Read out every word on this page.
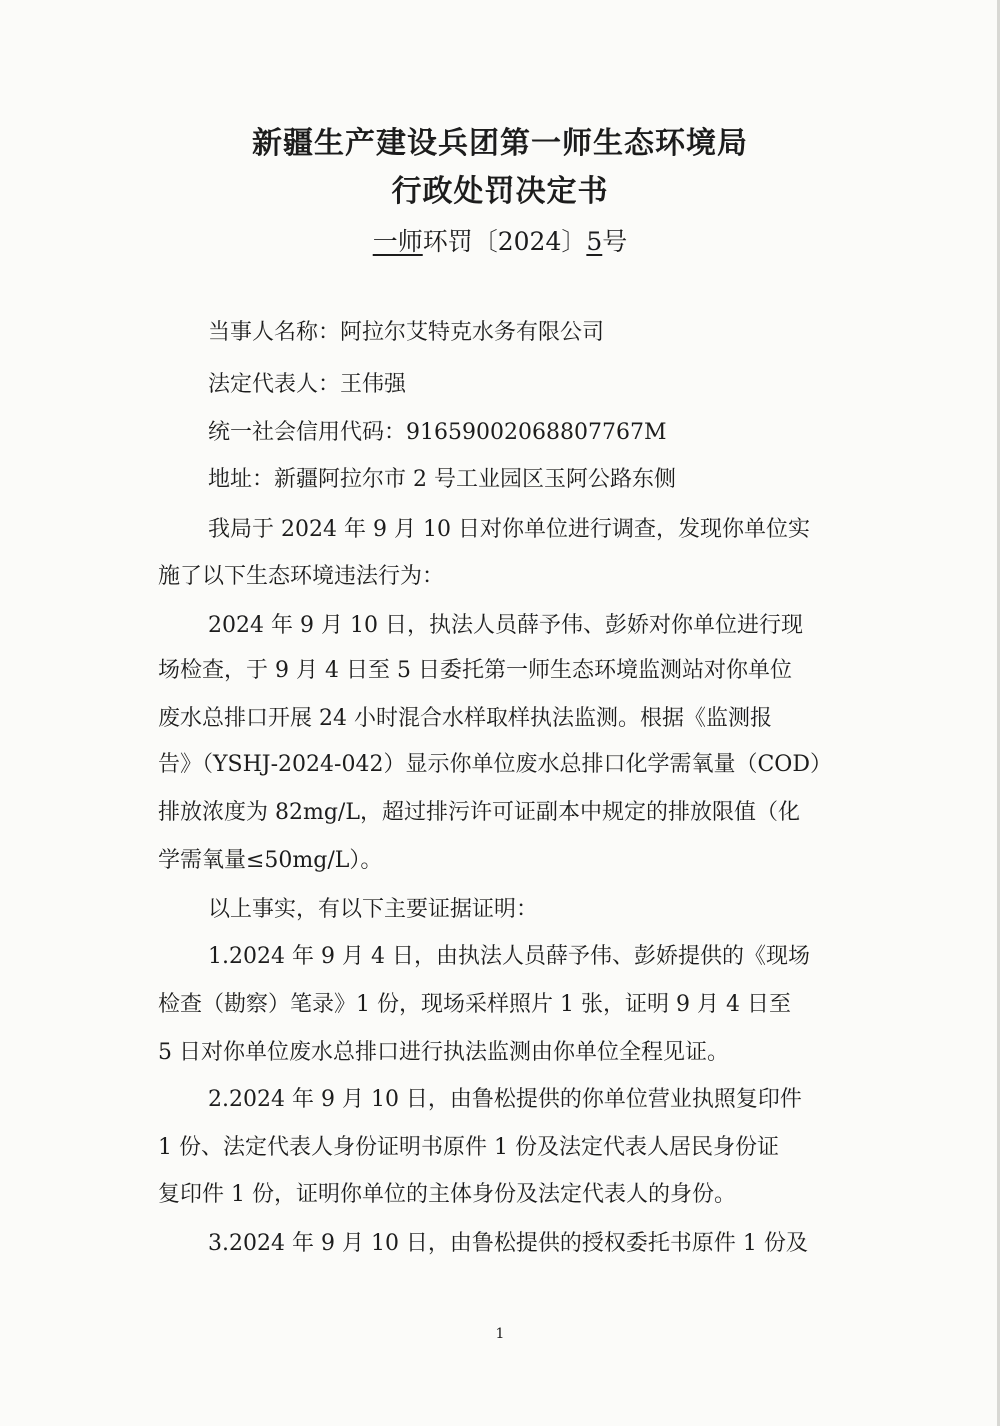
新疆生产建设兵团第一师生态环境局
行政处罚决定书
一师环罚〔2024〕5号
当事人名称：阿拉尔艾特克水务有限公司
法定代表人：王伟强
统一社会信用代码：91659002068807767M
地址：新疆阿拉尔市 2 号工业园区玉阿公路东侧
我局于 2024 年 9 月 10 日对你单位进行调查，发现你单位实
施了以下生态环境违法行为：
2024 年 9 月 10 日，执法人员薛予伟、彭娇对你单位进行现
场检查，于 9 月 4 日至 5 日委托第一师生态环境监测站对你单位
废水总排口开展 24 小时混合水样取样执法监测。根据《监测报
告》（YSHJ-2024-042）显示你单位废水总排口化学需氧量（COD）
排放浓度为 82mg/L，超过排污许可证副本中规定的排放限值（化
学需氧量≤50mg/L）。
以上事实，有以下主要证据证明：
1.2024 年 9 月 4 日，由执法人员薛予伟、彭娇提供的《现场
检查（勘察）笔录》1 份，现场采样照片 1 张，证明 9 月 4 日至
5 日对你单位废水总排口进行执法监测由你单位全程见证。
2.2024 年 9 月 10 日，由鲁松提供的你单位营业执照复印件
1 份、法定代表人身份证明书原件 1 份及法定代表人居民身份证
复印件 1 份，证明你单位的主体身份及法定代表人的身份。
3.2024 年 9 月 10 日，由鲁松提供的授权委托书原件 1 份及
1
